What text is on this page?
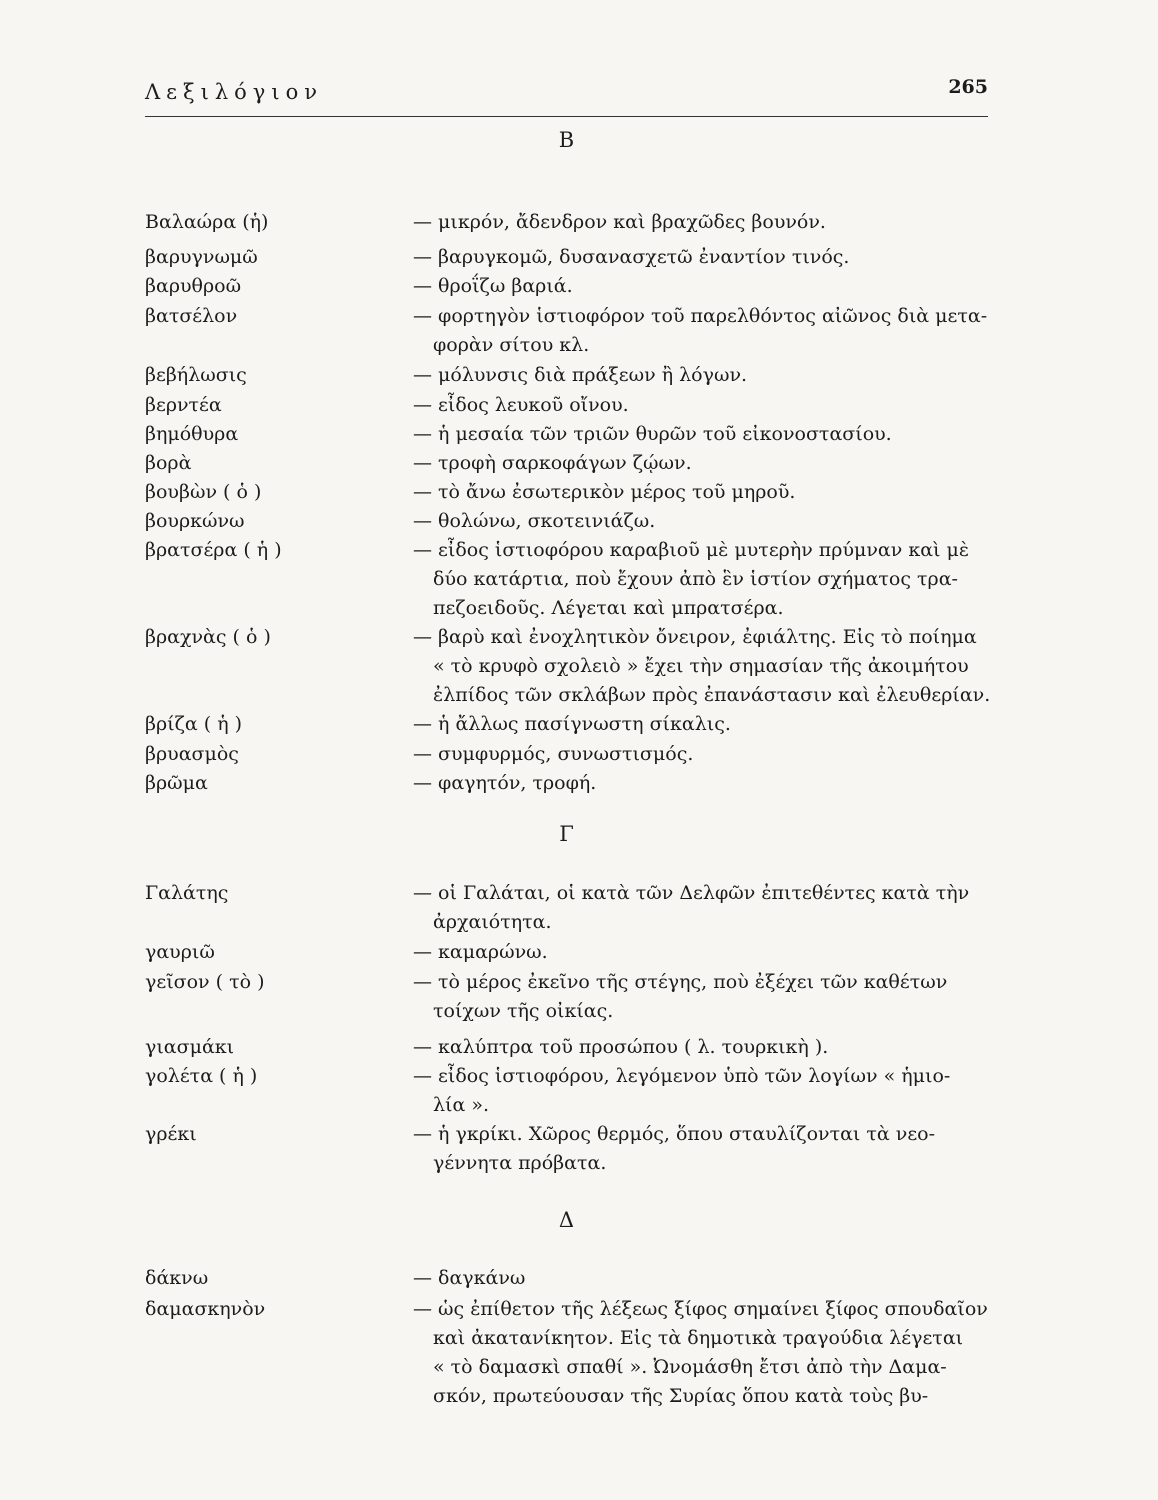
Λεξιλόγιον	265
Β
Βαλαώρα (ἡ)	— μικρόν, ἄδενδρον καὶ βραχῶδες βουνόν.
βαρυγνωμῶ	— βαρυγκομῶ, δυσανασχετῶ ἐναντίον τινός.
βαρυθροῶ	— θροΐζω βαριά.
βατσέλον	— φορτηγὸν ἱστιοφόρον τοῦ παρελθόντος αἰῶνος διὰ μετα-
φορὰν σίτου κλ.
βεβήλωσις	— μόλυνσις διὰ πράξεων ἢ λόγων.
βερντέα	— εἶδος λευκοῦ οἴνου.
βημόθυρα	— ἡ μεσαία τῶν τριῶν θυρῶν τοῦ εἰκονοστασίου.
βορὰ	— τροφὴ σαρκοφάγων ζῴων.
βουβὼν ( ὁ )	— τὸ ἄνω ἐσωτερικὸν μέρος τοῦ μηροῦ.
βουρκώνω	— θολώνω, σκοτεινιάζω.
βρατσέρα ( ἡ )	— εἶδος ἱστιοφόρου καραβιοῦ μὲ μυτερὴν πρύμναν καὶ μὲ
δύο κατάρτια, ποὺ ἔχουν ἀπὸ ἓν ἱστίον σχήματος τρα-
πεζοειδοῦς. Λέγεται καὶ μπρατσέρα.
βραχνὰς ( ὁ )	— βαρὺ καὶ ἐνοχλητικὸν ὄνειρον, ἐφιάλτης. Εἰς τὸ ποίημα
« τὸ κρυφὸ σχολειὸ » ἔχει τὴν σημασίαν τῆς ἀκοιμήτου
ἐλπίδος τῶν σκλάβων πρὸς ἐπανάστασιν καὶ ἐλευθερίαν.
βρίζα ( ἡ )	— ἡ ἄλλως πασίγνωστη σίκαλις.
βρυασμὸς	— συμφυρμός, συνωστισμός.
βρῶμα	— φαγητόν, τροφή.
Γ
Γαλάτης	— οἱ Γαλάται, οἱ κατὰ τῶν Δελφῶν ἐπιτεθέντες κατὰ τὴν
ἀρχαιότητα.
γαυριῶ	— καμαρώνω.
γεῖσον ( τὸ )	— τὸ μέρος ἐκεῖνο τῆς στέγης, ποὺ ἐξέχει τῶν καθέτων
τοίχων τῆς οἰκίας.
γιασμάκι	— καλύπτρα τοῦ προσώπου ( λ. τουρκικὴ ).
γολέτα ( ἡ )	— εἶδος ἱστιοφόρου, λεγόμενον ὑπὸ τῶν λογίων « ἡμιο-
λία ».
γρέκι	— ἡ γκρίκι. Χῶρος θερμός, ὅπου σταυλίζονται τὰ νεο-
γέννητα πρόβατα.
Δ
δάκνω	— δαγκάνω
δαμασκηνὸν	— ὡς ἐπίθετον τῆς λέξεως ξίφος σημαίνει ξίφος σπουδαῖον
καὶ ἀκατανίκητον. Εἰς τὰ δημοτικὰ τραγούδια λέγεται
« τὸ δαμασκὶ σπαθί ». Ὠνομάσθη ἔτσι ἀπὸ τὴν Δαμα-
σκόν, πρωτεύουσαν τῆς Συρίας ὅπου κατὰ τοὺς βυ-
